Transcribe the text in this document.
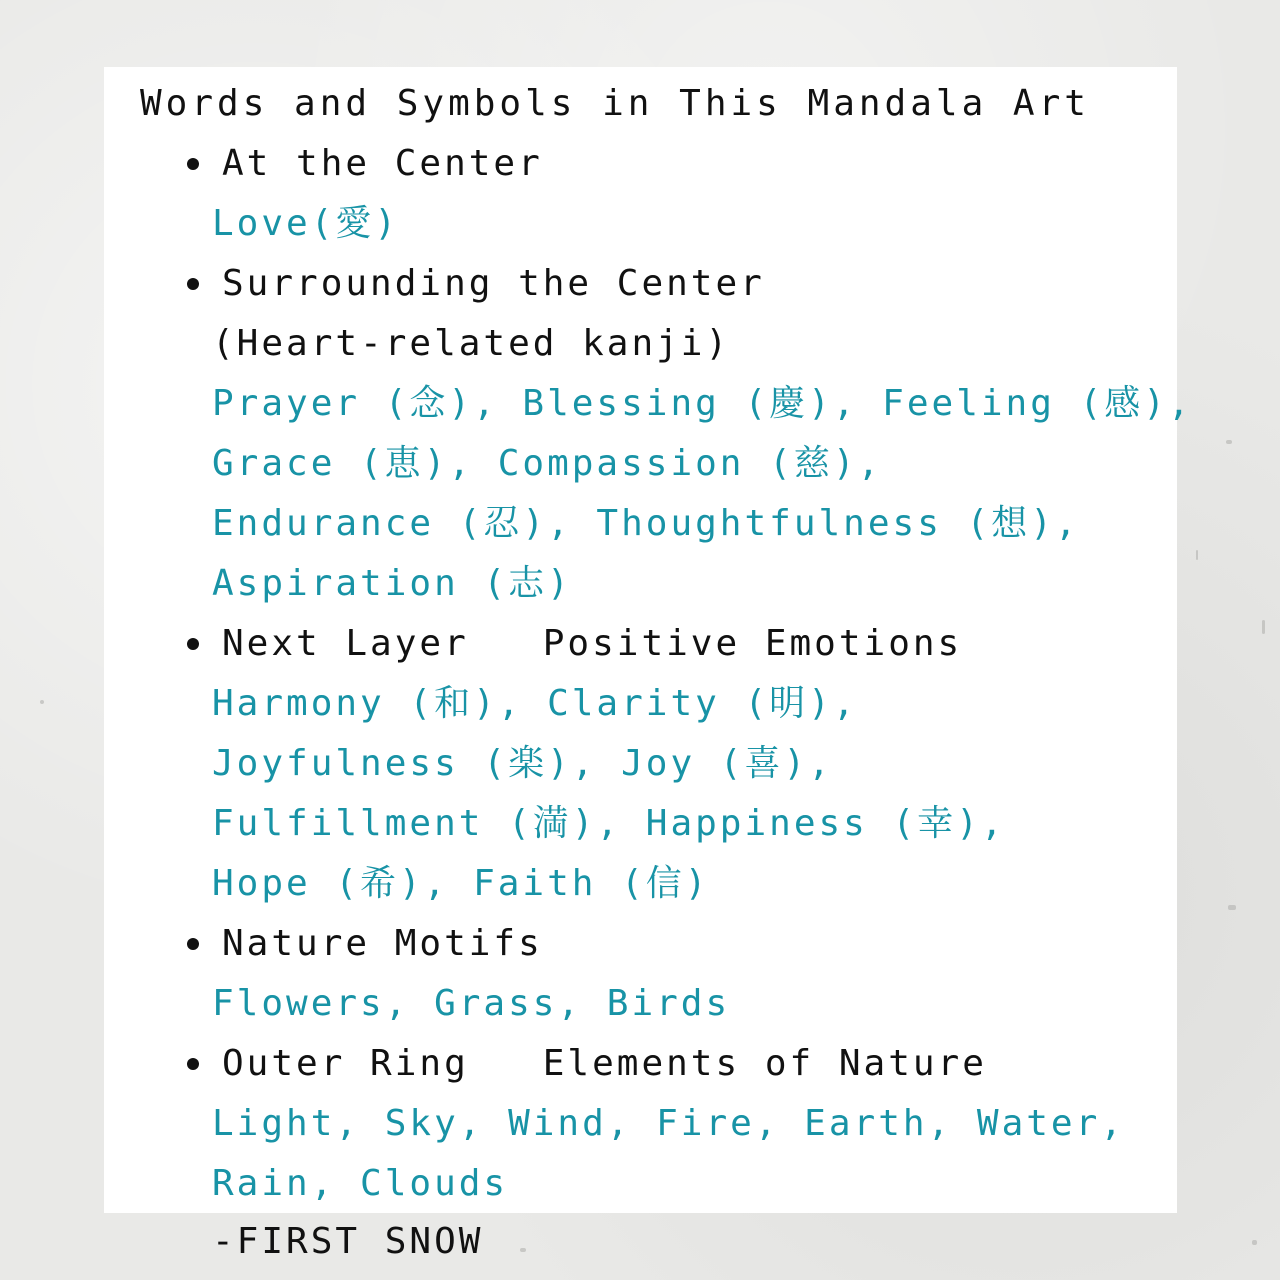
Words and Symbols in This Mandala Art
At the Center
Love(愛)
Surrounding the Center
(Heart-related kanji)
Prayer (念), Blessing (慶), Feeling (感),
Grace (恵), Compassion (慈),
Endurance (忍), Thoughtfulness (想),
Aspiration (志)
Next Layer   Positive Emotions
Harmony (和), Clarity (明),
Joyfulness (楽), Joy (喜),
Fulfillment (満), Happiness (幸),
Hope (希), Faith (信)
Nature Motifs
Flowers, Grass, Birds
Outer Ring   Elements of Nature
Light, Sky, Wind, Fire, Earth, Water,
Rain, Clouds
-FIRST SNOW
